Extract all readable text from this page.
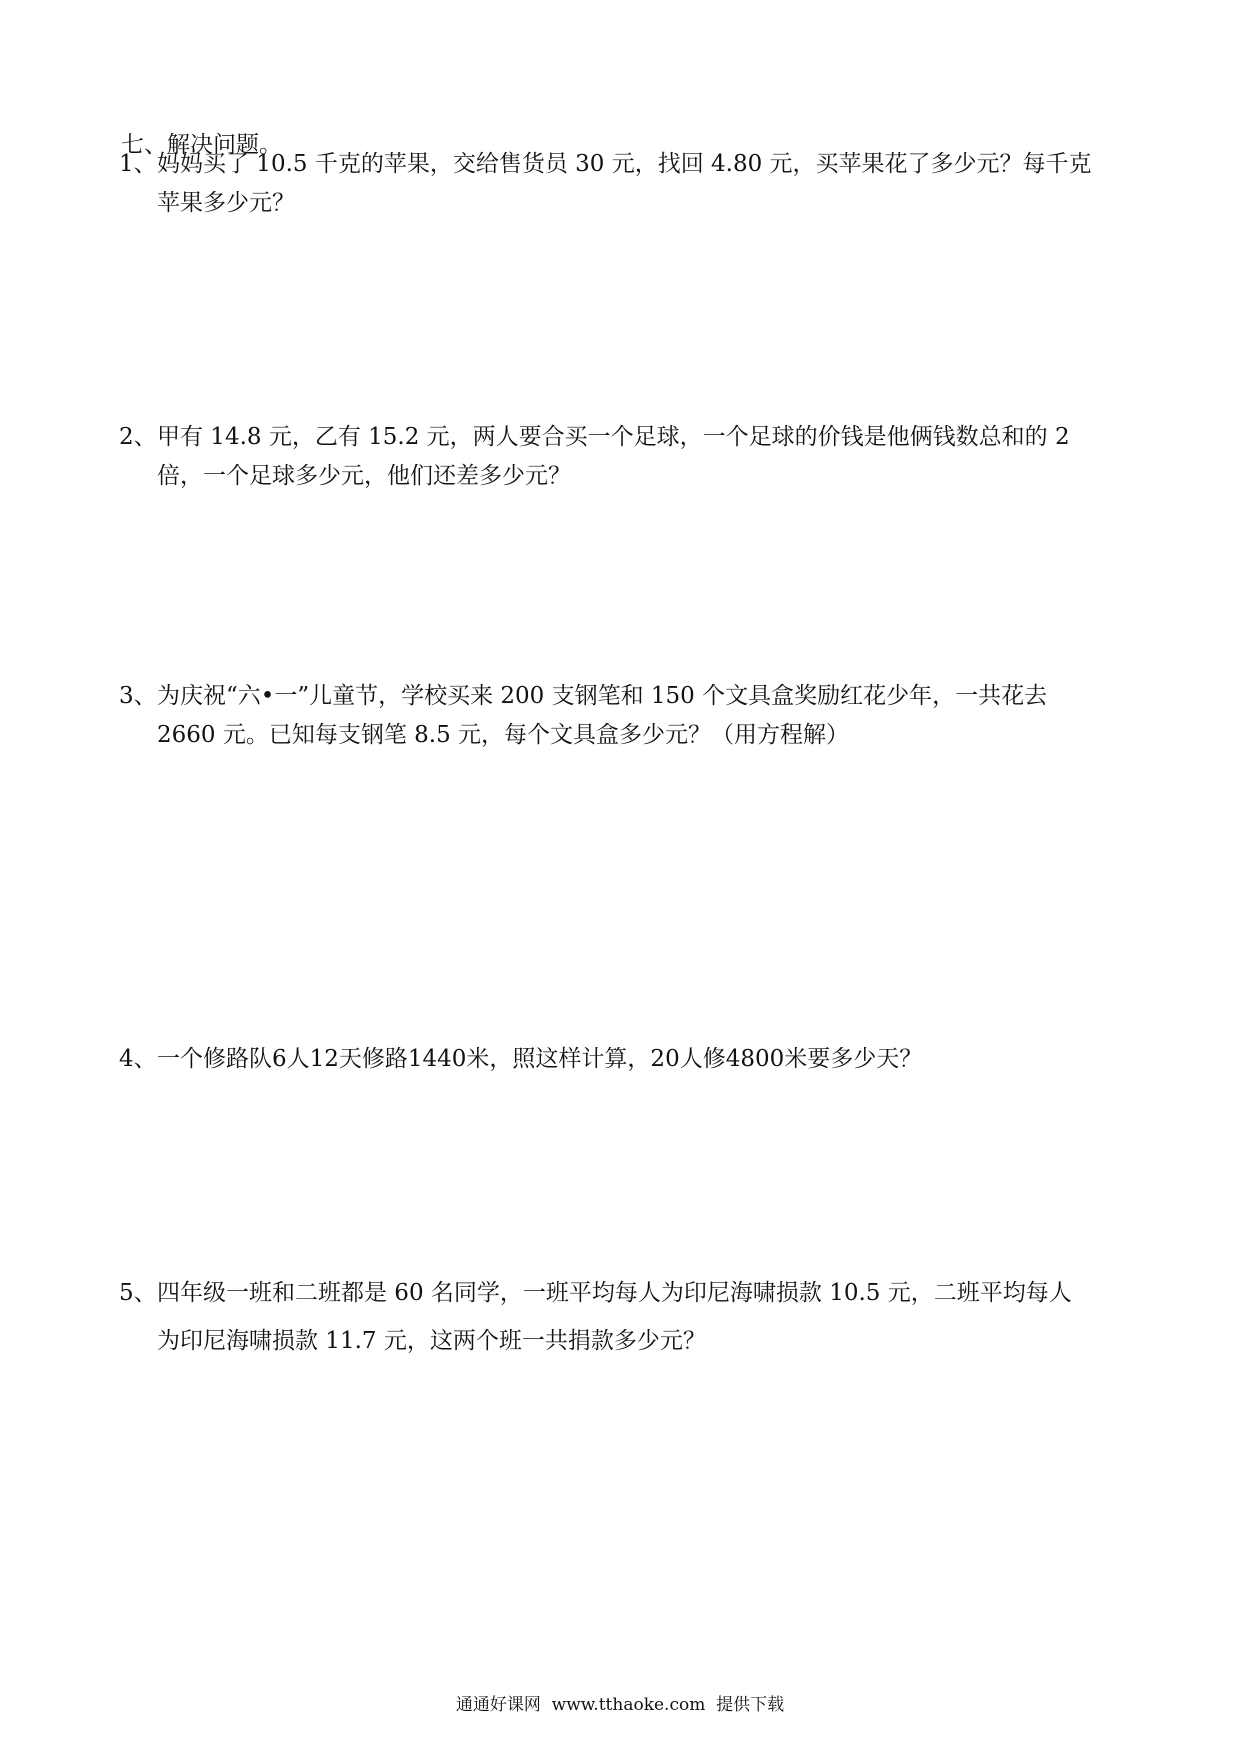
七、解决问题。
1、妈妈买了 10.5 千克的苹果，交给售货员 30 元，找回 4.80 元，买苹果花了多少元？每千克
苹果多少元？
2、甲有 14.8 元，乙有 15.2 元，两人要合买一个足球，一个足球的价钱是他俩钱数总和的 2
倍，一个足球多少元，他们还差多少元？
3、为庆祝“六•一”儿童节，学校买来 200 支钢笔和 150 个文具盒奖励红花少年，一共花去
2660 元。已知每支钢笔 8.5 元，每个文具盒多少元？（用方程解）
4、一个修路队6人12天修路1440米，照这样计算，20人修4800米要多少天？
5、四年级一班和二班都是 60 名同学，一班平均每人为印尼海啸损款 10.5 元，二班平均每人
为印尼海啸损款 11.7 元，这两个班一共捐款多少元？
通通好课网  www.tthaoke.com  提供下载
